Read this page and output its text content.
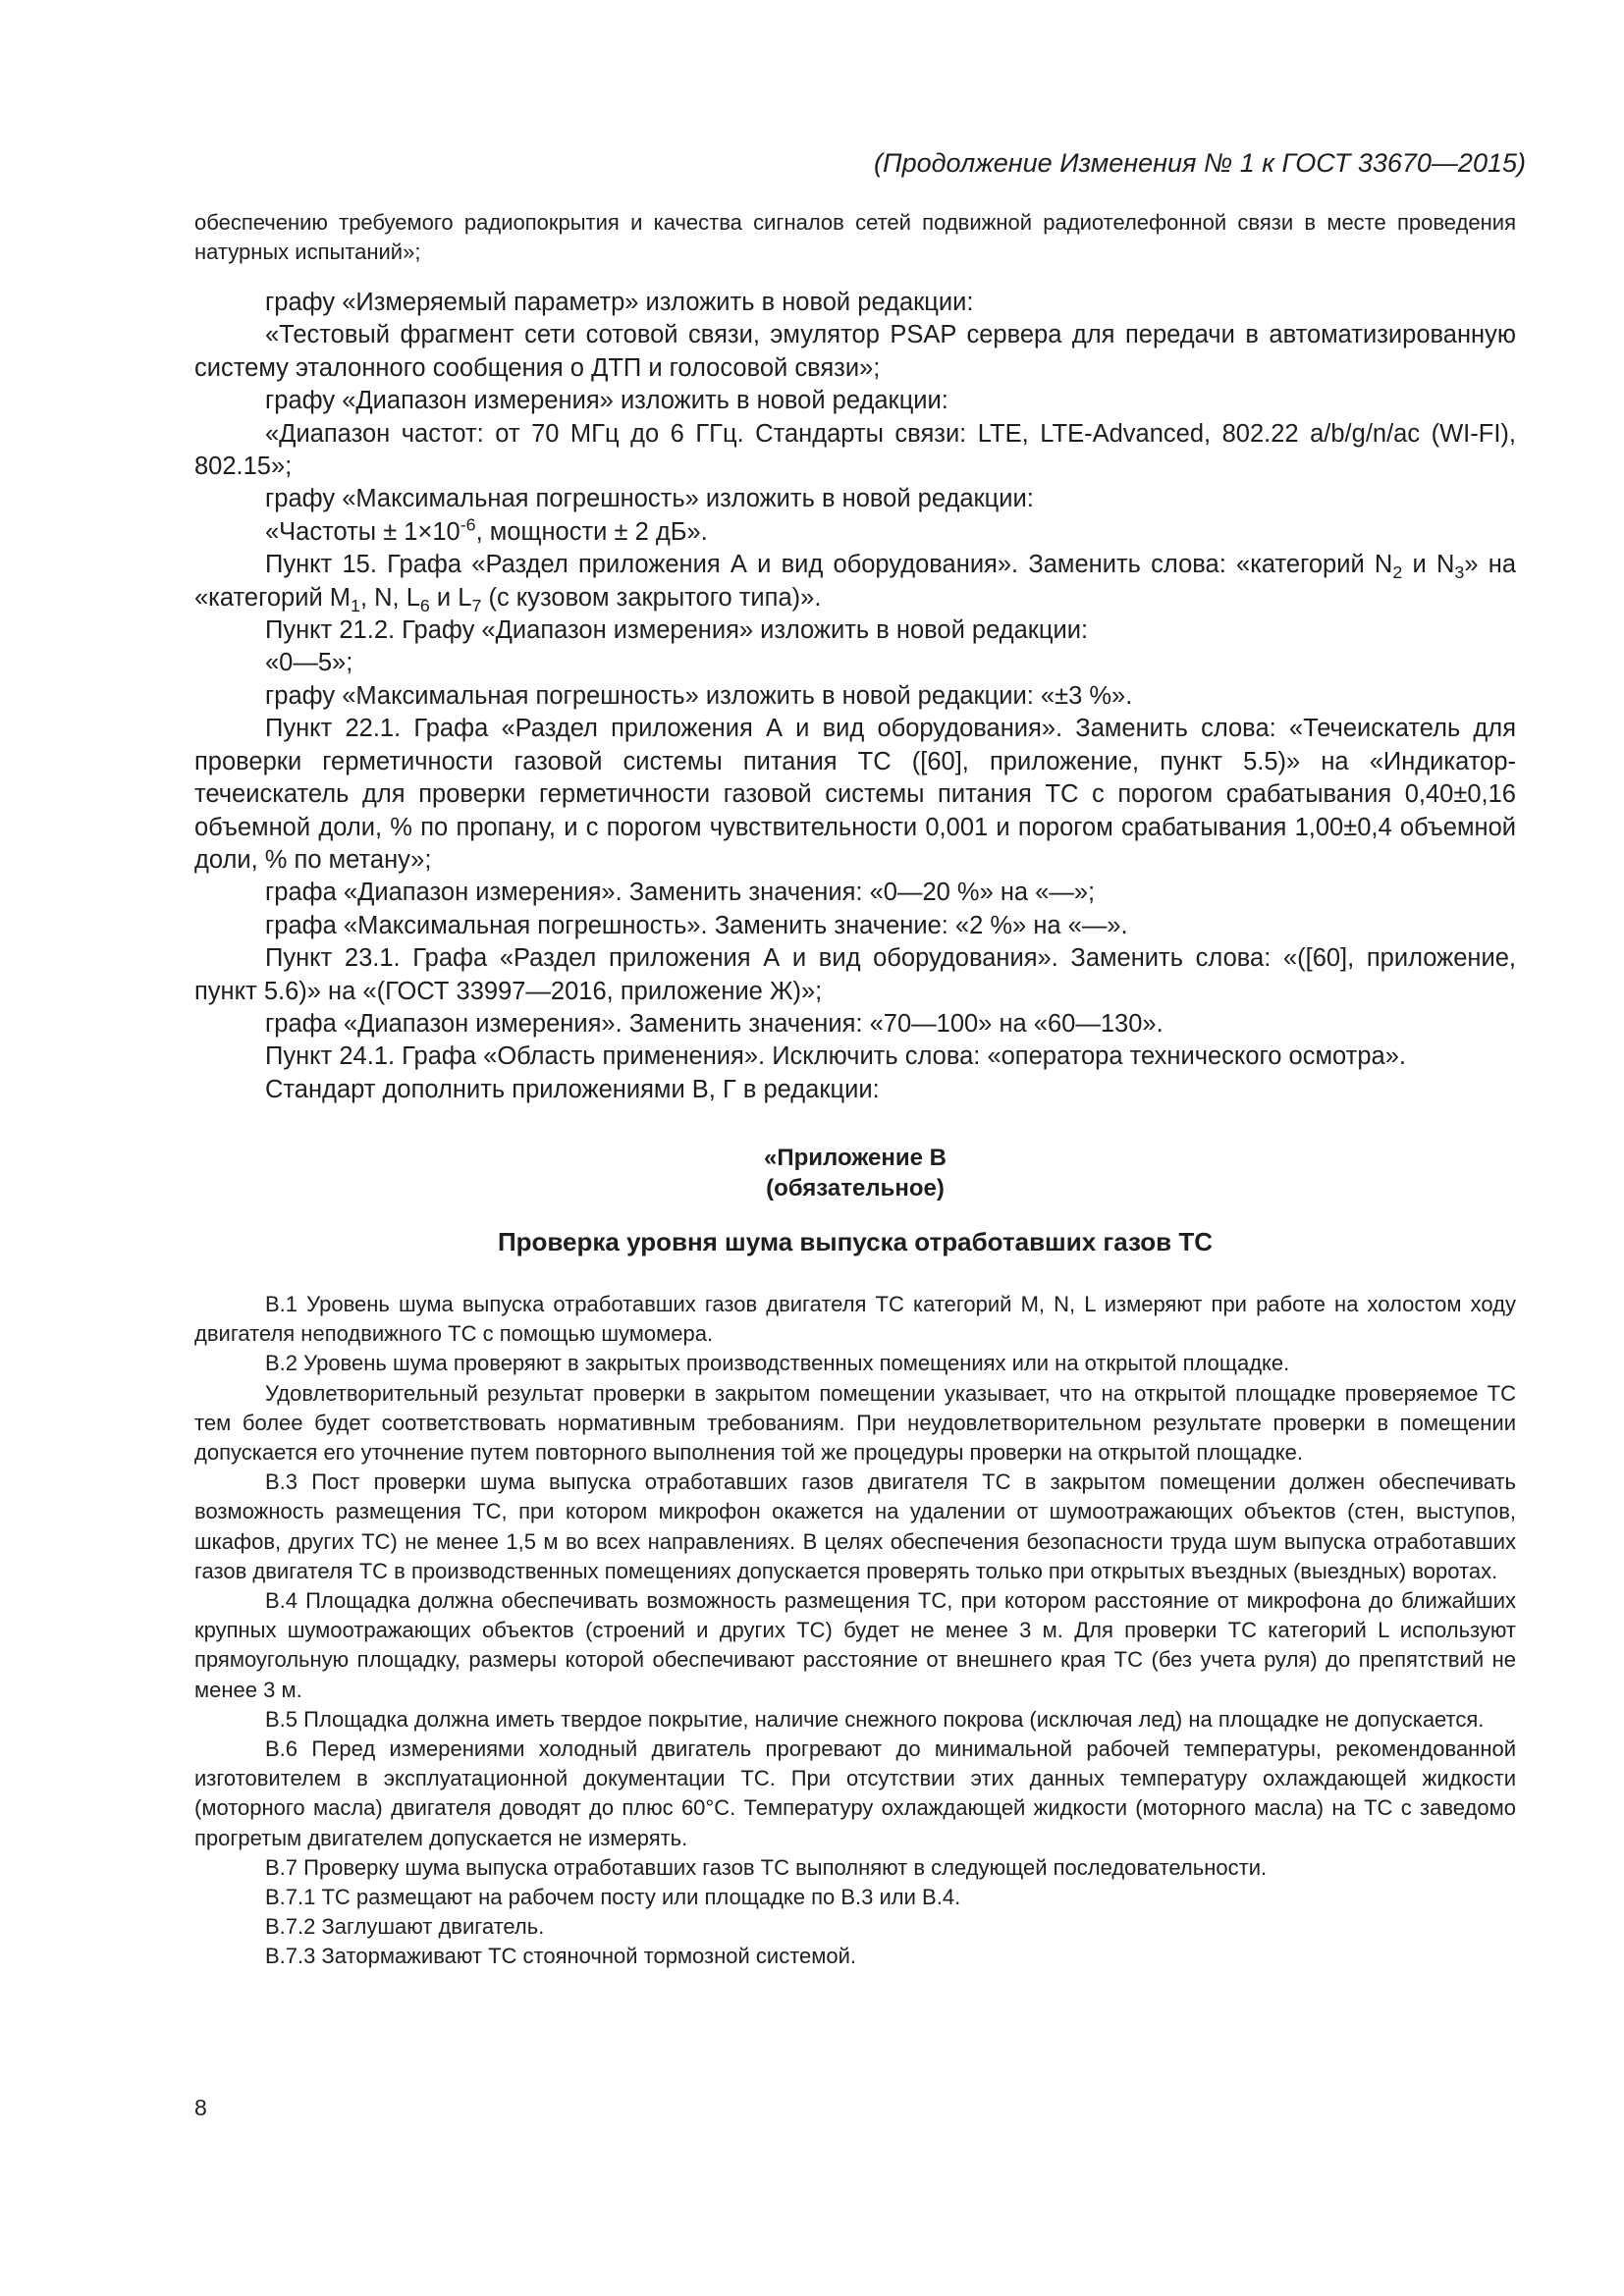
(Продолжение Изменения № 1 к ГОСТ 33670—2015)

обеспечению требуемого радиопокрытия и качества сигналов сетей подвижной радиотелефонной связи в месте проведения натурных испытаний»;

графу «Измеряемый параметр» изложить в новой редакции:

«Тестовый фрагмент сети сотовой связи, эмулятор PSAP сервера для передачи в автоматизированную систему эталонного сообщения о ДТП и голосовой связи»;

графу «Диапазон измерения» изложить в новой редакции:

«Диапазон частот: от 70 МГц до 6 ГГц. Стандарты связи: LTE, LTE-Advanced, 802.22 a/b/g/n/ac (WI-FI), 802.15»;

графу «Максимальная погрешность» изложить в новой редакции:

«Частоты ± $1\times 10^{-6}$, мощности ± 2 дБ».

Пункт 15. Графа «Раздел приложения А и вид оборудования». Заменить слова: «категорий $N_2$ и $N_3$» на «категорий $M_1$, N, $L_6$ и $L_7$ (с кузовом закрытого типа)».

Пункт 21.2. Графу «Диапазон измерения» изложить в новой редакции:

«0—5»;

графу «Максимальная погрешность» изложить в новой редакции: «±3 %».

Пункт 22.1. Графа «Раздел приложения А и вид оборудования». Заменить слова: «Течеискатель для проверки герметичности газовой системы питания ТС ([60], приложение, пункт 5.5)» на «Индикатор-течеискатель для проверки герметичности газовой системы питания ТС с порогом срабатывания 0,40±0,16 объемной доли, % по пропану, и с порогом чувствительности 0,001 и порогом срабатывания 1,00±0,4 объемной доли, % по метану»;

графа «Диапазон измерения». Заменить значения: «0—20 %» на «—»;

графа «Максимальная погрешность». Заменить значение: «2 %» на «—».

Пункт 23.1. Графа «Раздел приложения А и вид оборудования». Заменить слова: «([60], приложение, пункт 5.6)» на «(ГОСТ 33997—2016, приложение Ж)»;

графа «Диапазон измерения». Заменить значения: «70—100» на «60—130».

Пункт 24.1. Графа «Область применения». Исключить слова: «оператора технического осмотра».

Стандарт дополнить приложениями В, Г в редакции:

«Приложение В
(обязательное)
Проверка уровня шума выпуска отработавших газов ТС

В.1 Уровень шума выпуска отработавших газов двигателя ТС категорий M, N, L измеряют при работе на холостом ходу двигателя неподвижного ТС с помощью шумомера.

В.2 Уровень шума проверяют в закрытых производственных помещениях или на открытой площадке.

Удовлетворительный результат проверки в закрытом помещении указывает, что на открытой площадке проверяемое ТС тем более будет соответствовать нормативным требованиям. При неудовлетворительном результате проверки в помещении допускается его уточнение путем повторного выполнения той же процедуры проверки на открытой площадке.

В.3 Пост проверки шума выпуска отработавших газов двигателя ТС в закрытом помещении должен обеспечивать возможность размещения ТС, при котором микрофон окажется на удалении от шумоотражающих объектов (стен, выступов, шкафов, других ТС) не менее 1,5 м во всех направлениях. В целях обеспечения безопасности труда шум выпуска отработавших газов двигателя ТС в производственных помещениях допускается проверять только при открытых въездных (выездных) воротах.

В.4 Площадка должна обеспечивать возможность размещения ТС, при котором расстояние от микрофона до ближайших крупных шумоотражающих объектов (строений и других ТС) будет не менее 3 м. Для проверки ТС категорий L используют прямоугольную площадку, размеры которой обеспечивают расстояние от внешнего края ТС (без учета руля) до препятствий не менее 3 м.

В.5 Площадка должна иметь твердое покрытие, наличие снежного покрова (исключая лед) на площадке не допускается.

В.6 Перед измерениями холодный двигатель прогревают до минимальной рабочей температуры, рекомендованной изготовителем в эксплуатационной документации ТС. При отсутствии этих данных температуру охлаждающей жидкости (моторного масла) двигателя доводят до плюс 60°С. Температуру охлаждающей жидкости (моторного масла) на ТС с заведомо прогретым двигателем допускается не измерять.

В.7 Проверку шума выпуска отработавших газов ТС выполняют в следующей последовательности.

В.7.1 ТС размещают на рабочем посту или площадке по В.3 или В.4.

В.7.2 Заглушают двигатель.

В.7.3 Затормаживают ТС стояночной тормозной системой.

8
